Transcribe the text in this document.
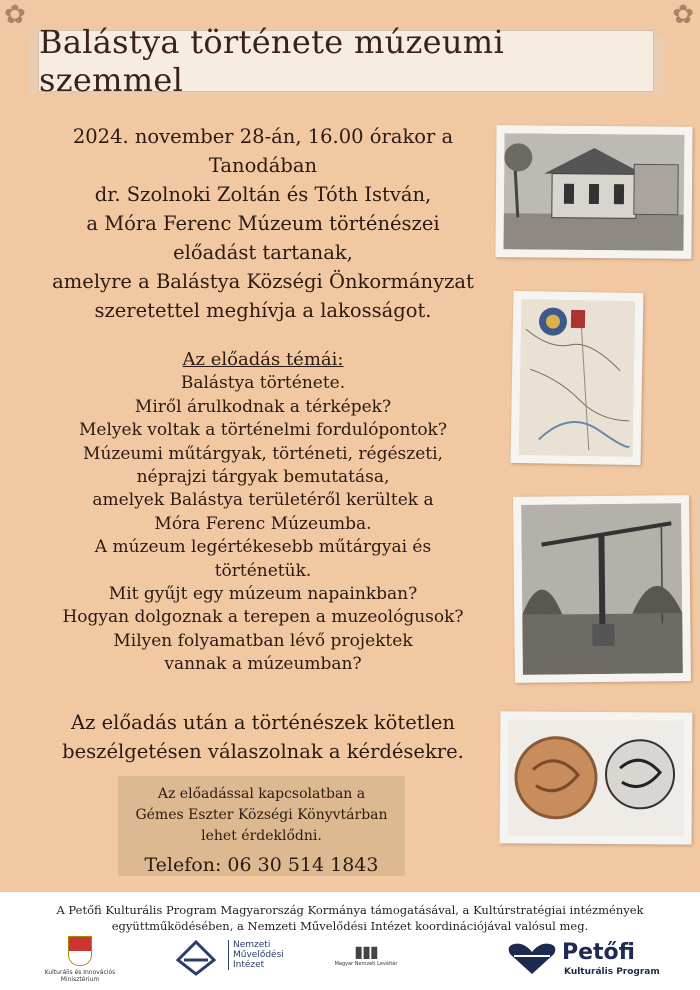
✿	✿
Balástya története múzeumi szemmel
2024. november 28-án, 16.00 órakor a
Tanodában
dr. Szolnoki Zoltán és Tóth István,
a Móra Ferenc Múzeum történészei
előadást tartanak,
amelyre a Balástya Községi Önkormányzat
szeretettel meghívja a lakosságot.
Az előadás témái:
Balástya története.
Miről árulkodnak a térképek?
Melyek voltak a történelmi fordulópontok?
Múzeumi műtárgyak, történeti, régészeti,
néprajzi tárgyak bemutatása,
amelyek Balástya területéről kerültek a
Móra Ferenc Múzeumba.
A múzeum legértékesebb műtárgyai és
történetük.
Mit gyűjt egy múzeum napainkban?
Hogyan dolgoznak a terepen a muzeológusok?
Milyen folyamatban lévő projektek
vannak a múzeumban?
Az előadás után a történészek kötetlen
beszélgetésen válaszolnak a kérdésekre.
Az előadással kapcsolatban a
Gémes Eszter Községi Könyvtárban
lehet érdeklődni.
Telefon: 06 30 514 1843
A Petőfi Kulturális Program Magyarország Kormánya támogatásával, a Kultúrstratégiai intézmények
együttműködésében, a Nemzeti Művelődési Intézet koordinációjával valósul meg.
Kulturális és Innovációs
Minisztérium
Nemzeti
Művelődési
Intézet
▮▮▮
Magyar Nemzeti Levéltár	Petőfi
Kulturális Program
